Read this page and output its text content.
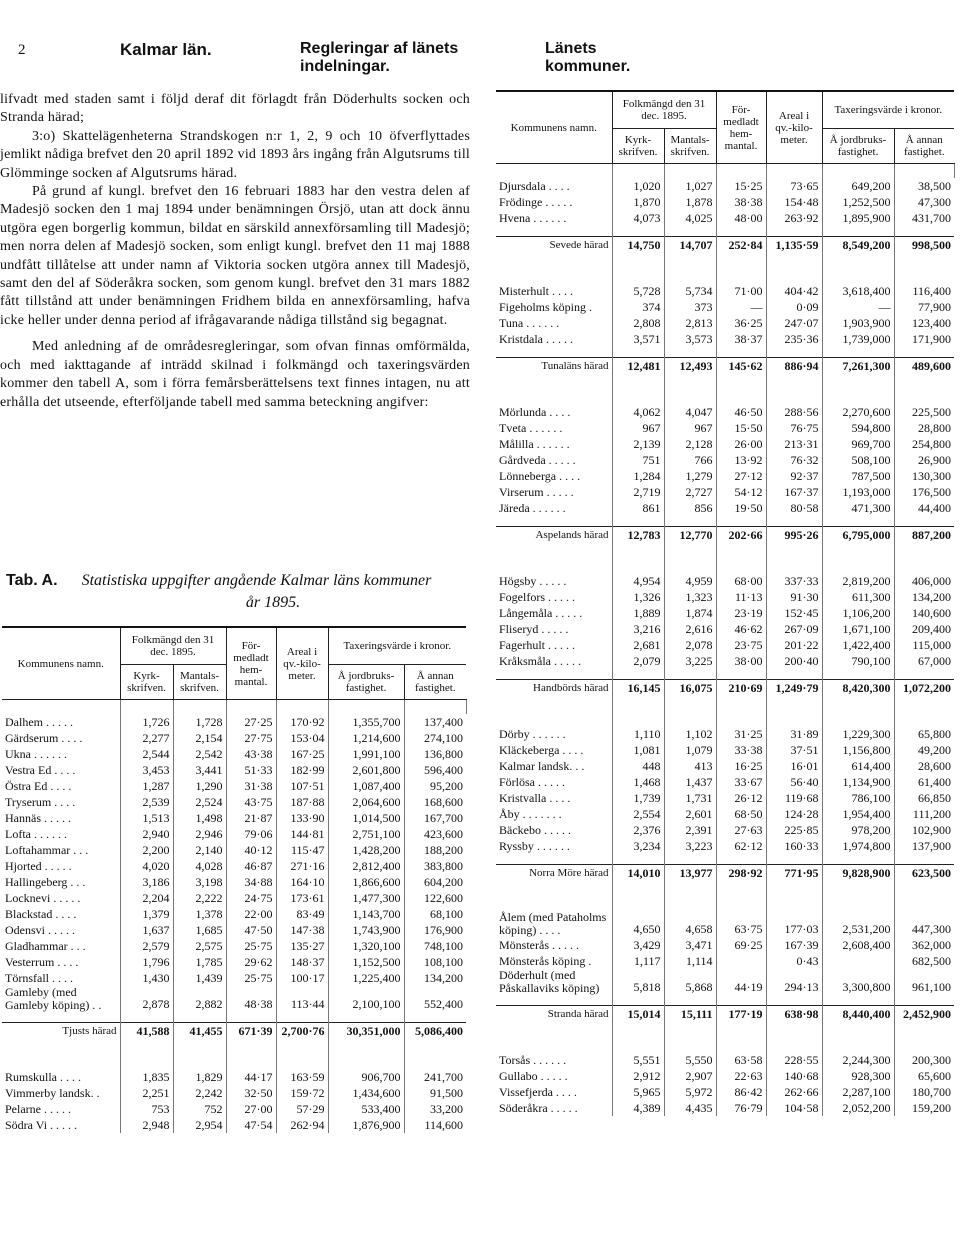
2	Kalmar län.	Regleringar af länets indelningar.
Länets kommuner.

lifvadt med staden samt i följd deraf dit förlagdt från Döderhults socken och Stranda härad;

3:o) Skattelägenheterna Strandskogen n:r 1, 2, 9 och 10 öfverflyttades jemlikt nådiga brefvet den 20 april 1892 vid 1893 års ingång från Algutsrums till Glömminge socken af Algutsrums härad.

På grund af kungl. brefvet den 16 februari 1883 har den vestra delen af Madesjö socken den 1 maj 1894 under benämningen Örsjö, utan att dock ännu utgöra egen borgerlig kommun, bildat en särskild annexförsamling till Madesjö; men norra delen af Madesjö socken, som enligt kungl. brefvet den 11 maj 1888 undfått tillåtelse att under namn af Viktoria socken utgöra annex till Madesjö, samt den del af Söderåkra socken, som genom kungl. brefvet den 31 mars 1882 fått tillstånd att under benämningen Fridhem bilda en annexförsamling, hafva icke heller under denna period af ifrågavarande nådiga tillstånd sig begagnat.

Med anledning af de områdesregleringar, som ofvan finnas omförmälda, och med iakttagande af inträdd skilnad i folkmängd och taxeringsvärden kommer den tabell A, som i förra femårsberättelsens text finnes intagen, nu att erhålla det utseende, efterföljande tabell med samma beteckning angifver:

Tab. A. Statistiska uppgifter angående Kalmar läns kommuner
år 1895.
Kommunens namn.	Folkmängd den 31 dec. 1895.		För-medladt hem-mantal.	Areal i qv.-kilo-meter.	Taxeringsvärde i kronor.	
	Kyrk-skrifven.	Mantals-skrifven.			Å jordbruks-fastighet.	Å annan fastighet.

Dalhem . . . . .	1,726	1,728	27·25	170·92	1,355,700	137,400
Gärdserum . . . .	2,277	2,154	27·75	153·04	1,214,600	274,100
Ukna . . . . . .	2,544	2,542	43·38	167·25	1,991,100	136,800
Vestra Ed . . . .	3,453	3,441	51·33	182·99	2,601,800	596,400
Östra Ed . . . .	1,287	1,290	31·38	107·51	1,087,400	95,200
Tryserum . . . .	2,539	2,524	43·75	187·88	2,064,600	168,600
Hannäs . . . . .	1,513	1,498	21·87	133·90	1,014,500	167,700
Lofta . . . . . .	2,940	2,946	79·06	144·81	2,751,100	423,600
Loftahammar . . .	2,200	2,140	40·12	115·47	1,428,200	188,200
Hjorted . . . . .	4,020	4,028	46·87	271·16	2,812,400	383,800
Hallingeberg . . .	3,186	3,198	34·88	164·10	1,866,600	604,200
Locknevi . . . . .	2,204	2,222	24·75	173·61	1,477,300	122,600
Blackstad . . . .	1,379	1,378	22·00	83·49	1,143,700	68,100
Odensvi . . . . .	1,637	1,685	47·50	147·38	1,743,900	176,900
Gladhammar . . .	2,579	2,575	25·75	135·27	1,320,100	748,100
Vesterrum . . . .	1,796	1,785	29·62	148·37	1,152,500	108,100
Törnsfall . . . .	1,430	1,439	25·75	100·17	1,225,400	134,200
Gamleby (med Gamleby köping) . .	2,878	2,882	48·38	113·44	2,100,100	552,400

Tjusts härad	41,588	41,455	671·39	2,700·76	30,351,000	5,086,400

Rumskulla . . . .	1,835	1,829	44·17	163·59	906,700	241,700
Vimmerby landsk. .	2,251	2,242	32·50	159·72	1,434,600	91,500
Pelarne . . . . .	753	752	27·00	57·29	533,400	33,200
Södra Vi . . . . .	2,948	2,954	47·54	262·94	1,876,900	114,600
Kommunens namn.	Folkmängd den 31 dec. 1895.		För-medladt hem-mantal.	Areal i qv.-kilo-meter.	Taxeringsvärde i kronor.	
	Kyrk-skrifven.	Mantals-skrifven.			Å jordbruks-fastighet.	Å annan fastighet.

Djursdala . . . .	1,020	1,027	15·25	73·65	649,200	38,500
Frödinge . . . . .	1,870	1,878	38·38	154·48	1,252,500	47,300
Hvena . . . . . .	4,073	4,025	48·00	263·92	1,895,900	431,700

Sevede härad	14,750	14,707	252·84	1,135·59	8,549,200	998,500

Misterhult . . . .	5,728	5,734	71·00	404·42	3,618,400	116,400
Figeholms köping .	374	373	—	0·09	—	77,900
Tuna . . . . . .	2,808	2,813	36·25	247·07	1,903,900	123,400
Kristdala . . . . .	3,571	3,573	38·37	235·36	1,739,000	171,900

Tunaläns härad	12,481	12,493	145·62	886·94	7,261,300	489,600

Mörlunda . . . .	4,062	4,047	46·50	288·56	2,270,600	225,500
Tveta . . . . . .	967	967	15·50	76·75	594,800	28,800
Målilla . . . . . .	2,139	2,128	26·00	213·31	969,700	254,800
Gårdveda . . . . .	751	766	13·92	76·32	508,100	26,900
Lönneberga . . . .	1,284	1,279	27·12	92·37	787,500	130,300
Virserum . . . . .	2,719	2,727	54·12	167·37	1,193,000	176,500
Järeda . . . . . .	861	856	19·50	80·58	471,300	44,400

Aspelands härad	12,783	12,770	202·66	995·26	6,795,000	887,200

Högsby . . . . .	4,954	4,959	68·00	337·33	2,819,200	406,000
Fogelfors . . . . .	1,326	1,323	11·13	91·30	611,300	134,200
Långemåla . . . . .	1,889	1,874	23·19	152·45	1,106,200	140,600
Fliseryd . . . . .	3,216	2,616	46·62	267·09	1,671,100	209,400
Fagerhult . . . . .	2,681	2,078	23·75	201·22	1,422,400	115,000
Kråksmåla . . . . .	2,079	3,225	38·00	200·40	790,100	67,000

Handbörds härad	16,145	16,075	210·69	1,249·79	8,420,300	1,072,200

Dörby . . . . . .	1,110	1,102	31·25	31·89	1,229,300	65,800
Kläckeberga . . . .	1,081	1,079	33·38	37·51	1,156,800	49,200
Kalmar landsk. . .	448	413	16·25	16·01	614,400	28,600
Förlösa . . . . .	1,468	1,437	33·67	56·40	1,134,900	61,400
Kristvalla . . . .	1,739	1,731	26·12	119·68	786,100	66,850
Åby . . . . . . .	2,554	2,601	68·50	124·28	1,954,400	111,200
Bäckebo . . . . .	2,376	2,391	27·63	225·85	978,200	102,900
Ryssby . . . . . .	3,234	3,223	62·12	160·33	1,974,800	137,900

Norra Möre härad	14,010	13,977	298·92	771·95	9,828,900	623,500

Ålem (med Pataholms köping) . . . .	4,650	4,658	63·75	177·03	2,531,200	447,300
Mönsterås . . . . .	3,429	3,471	69·25	167·39	2,608,400	362,000
Mönsterås köping .	1,117	1,114		0·43		682,500
Döderhult (med Påskallaviks köping)	5,818	5,868	44·19	294·13	3,300,800	961,100

Stranda härad	15,014	15,111	177·19	638·98	8,440,400	2,452,900

Torsås . . . . . .	5,551	5,550	63·58	228·55	2,244,300	200,300
Gullabo . . . . .	2,912	2,907	22·63	140·68	928,300	65,600
Vissefjerda . . . .	5,965	5,972	86·42	262·66	2,287,100	180,700
Söderåkra . . . . .	4,389	4,435	76·79	104·58	2,052,200	159,200
